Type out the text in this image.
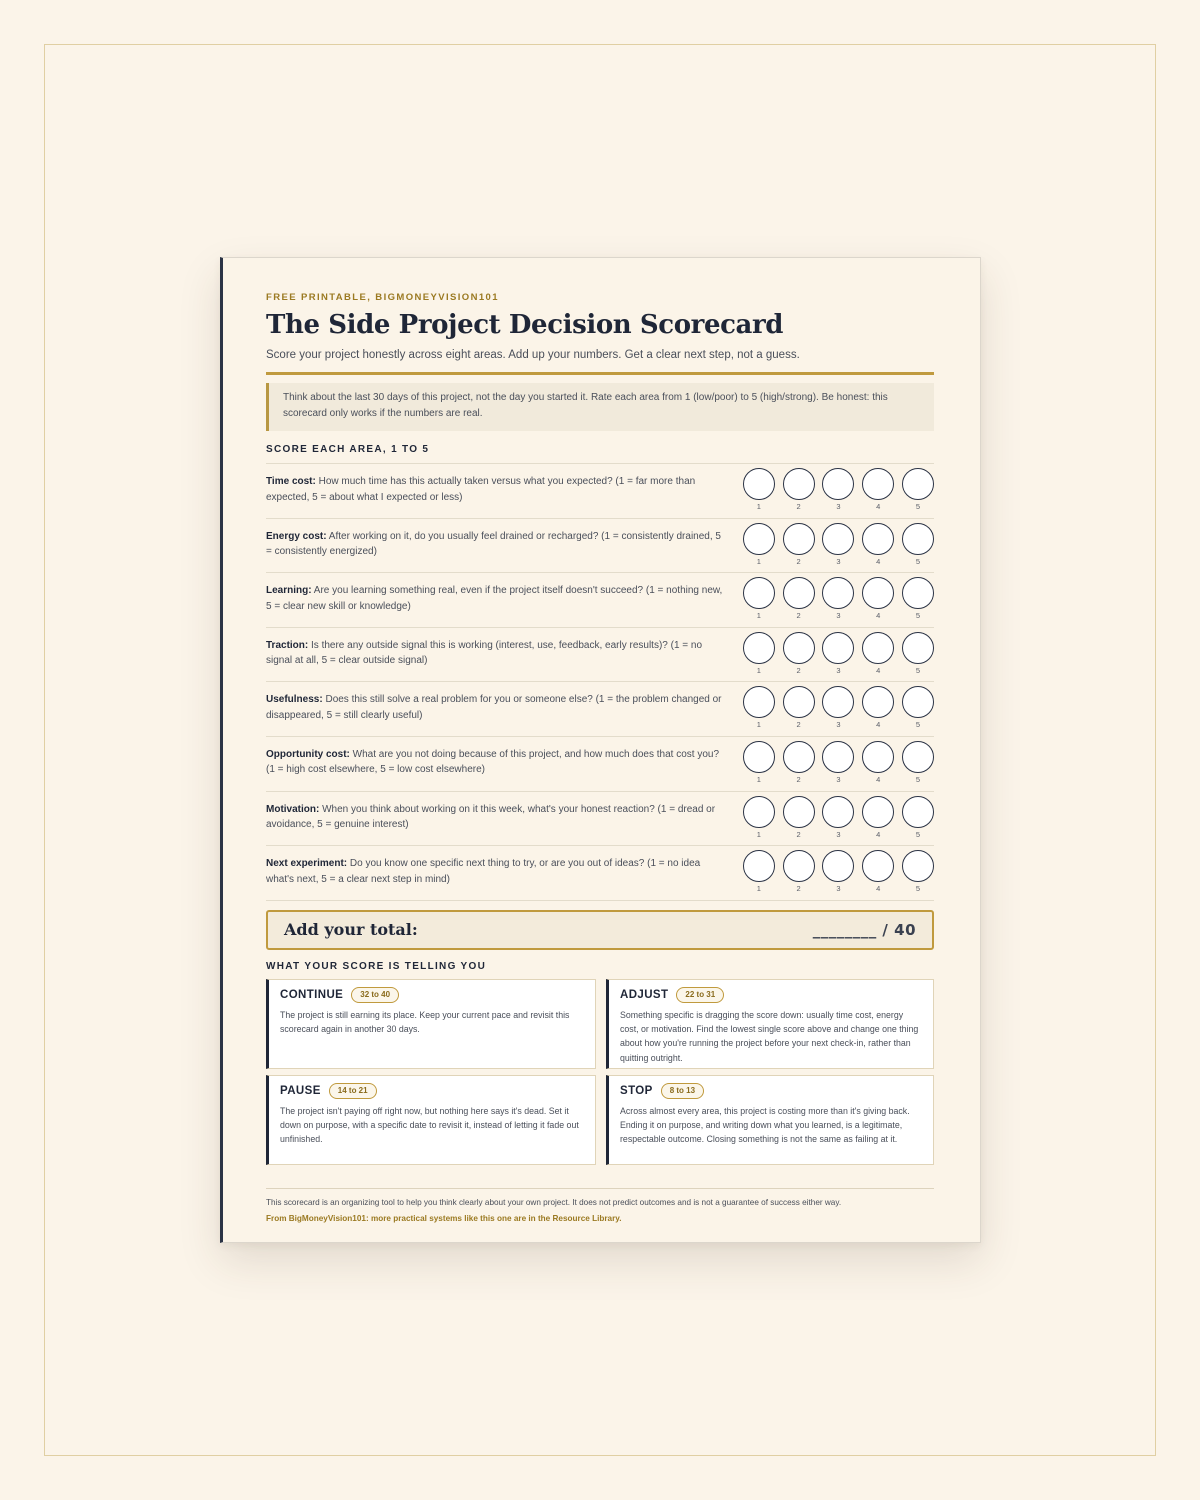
FREE PRINTABLE, BIGMONEYVISION101
The Side Project Decision Scorecard
Score your project honestly across eight areas. Add up your numbers. Get a clear next step, not a guess.
Think about the last 30 days of this project, not the day you started it. Rate each area from 1 (low/poor) to 5 (high/strong). Be honest: this scorecard only works if the numbers are real.
SCORE EACH AREA, 1 TO 5
Time cost: How much time has this actually taken versus what you expected? (1 = far more than expected, 5 = about what I expected or less)
1	2	3	4	5
Energy cost: After working on it, do you usually feel drained or recharged? (1 = consistently drained, 5 = consistently energized)
1	2	3	4	5
Learning: Are you learning something real, even if the project itself doesn't succeed? (1 = nothing new, 5 = clear new skill or knowledge)
1	2	3	4	5
Traction: Is there any outside signal this is working (interest, use, feedback, early results)? (1 = no signal at all, 5 = clear outside signal)
1	2	3	4	5
Usefulness: Does this still solve a real problem for you or someone else? (1 = the problem changed or disappeared, 5 = still clearly useful)
1	2	3	4	5
Opportunity cost: What are you not doing because of this project, and how much does that cost you? (1 = high cost elsewhere, 5 = low cost elsewhere)
1	2	3	4	5
Motivation: When you think about working on it this week, what's your honest reaction? (1 = dread or avoidance, 5 = genuine interest)
1	2	3	4	5
Next experiment: Do you know one specific next thing to try, or are you out of ideas? (1 = no idea what's next, 5 = a clear next step in mind)
1	2	3	4	5
Add your total:	________ / 40
WHAT YOUR SCORE IS TELLING YOU
CONTINUE	32 to 40
The project is still earning its place. Keep your current pace and revisit this scorecard again in another 30 days.
ADJUST	22 to 31
Something specific is dragging the score down: usually time cost, energy cost, or motivation. Find the lowest single score above and change one thing about how you're running the project before your next check-in, rather than quitting outright.
PAUSE	14 to 21
The project isn't paying off right now, but nothing here says it's dead. Set it down on purpose, with a specific date to revisit it, instead of letting it fade out unfinished.
STOP	8 to 13
Across almost every area, this project is costing more than it's giving back. Ending it on purpose, and writing down what you learned, is a legitimate, respectable outcome. Closing something is not the same as failing at it.
This scorecard is an organizing tool to help you think clearly about your own project. It does not predict outcomes and is not a guarantee of success either way.
From BigMoneyVision101: more practical systems like this one are in the Resource Library.
